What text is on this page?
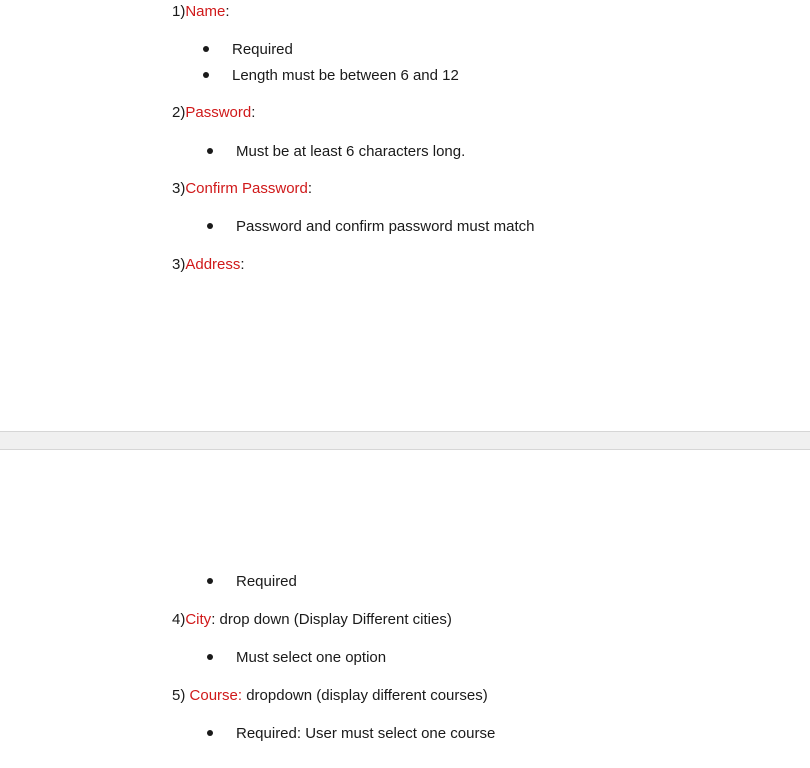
1)Name:
Required
Length must be between 6 and 12
2)Password:
Must be at least 6 characters long.
3)Confirm Password:
Password and confirm password must match
3)Address:
Required
4)City: drop down (Display Different cities)
Must select one option
5) Course: dropdown (display different courses)
Required: User must select one course
